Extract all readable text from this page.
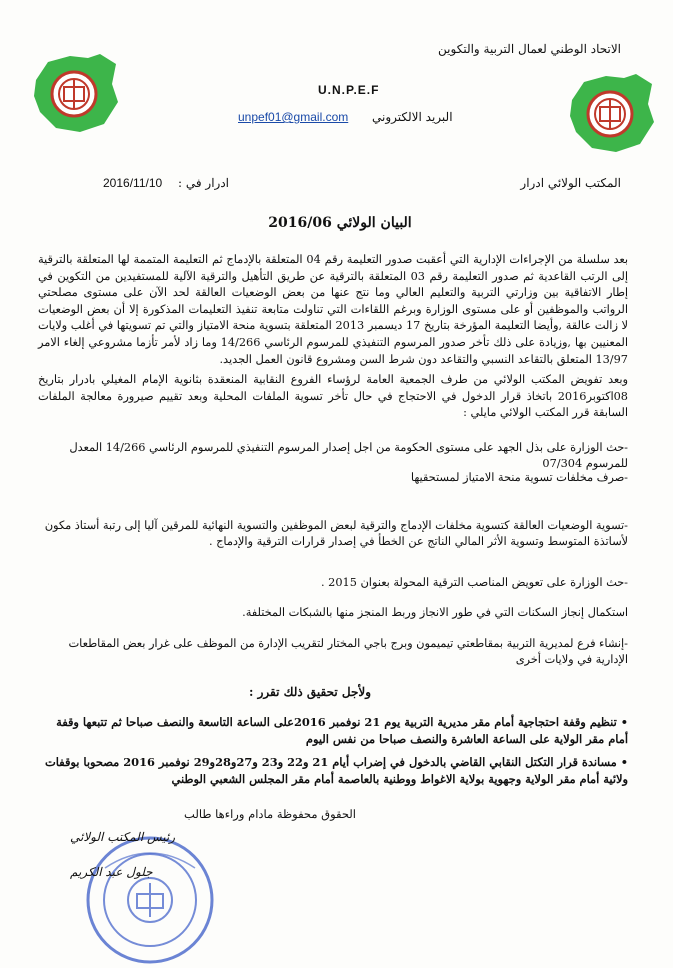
الاتحاد الوطني لعمال التربية والتكوين
U.N.P.E.F
البريد الالكتروني
unpef01@gmail.com
ادرار في :
2016/11/10	المكتب الولائي ادرار
البيان الولائي 2016/06

بعد سلسلة من الإجراءات الإدارية التي أعقبت صدور التعليمة رقم 04 المتعلقة بالإدماج ثم التعليمة المتممة لها المتعلقة بالترقية إلى الرتب القاعدية ثم صدور التعليمة رقم 03 المتعلقة بالترقية عن طريق التأهيل والترقية الآلية للمستفيدين من التكوين في إطار الاتفاقية بين وزارتي التربية والتعليم العالي وما نتج عنها من بعض الوضعيات العالقة لحد الآن على مستوى مصلحتي الرواتب والموظفين أو على مستوى الوزارة وبرغم اللقاءات التي تناولت متابعة تنفيذ التعليمات المذكورة إلا أن بعض الوضعيات لا زالت عالقة ,وأيضا التعليمة المؤرخة بتاريخ 17 ديسمبر 2013 المتعلقة بتسوية منحة الامتياز والتي تم تسويتها في أغلب ولايات المعنيين بها ,وزيادة على ذلك تأخر صدور المرسوم التنفيذي للمرسوم الرئاسي 14/266 وما زاد لأمر تأزما مشروعي إلغاء الامر 13/97 المتعلق بالتقاعد النسبي والتقاعد دون شرط السن ومشروع قانون العمل الجديد.

وبعد تفويض المكتب الولائي من طرف الجمعية العامة لرؤساء الفروع النقابية المنعقدة بثانوية الإمام المغيلي بادرار بتاريخ 08اكتوبر2016 باتخاذ قرار الدخول في الاحتجاج في حال تأخر تسوية الملفات المحلية وبعد تقييم صيرورة معالجة الملفات السابقة قرر المكتب الولائي مايلي :

-حث الوزارة على بذل الجهد على مستوى الحكومة من اجل إصدار المرسوم التنفيذي للمرسوم الرئاسي 14/266 المعدل للمرسوم 07/304
-صرف مخلفات تسوية منحة الامتياز لمستحقيها
-تسوية الوضعيات العالقة كتسوية مخلفات الإدماج والترقية لبعض الموظفين والتسوية النهائية للمرقين آليا إلى رتبة أستاذ مكون لأساتذة المتوسط وتسوية الأثر المالي الناتج عن الخطأ في إصدار قرارات الترقية والإدماج .
-حث الوزارة على تعويض المناصب الترقية المحولة بعنوان 2015 .
استكمال إنجاز السكنات التي في طور الانجاز وربط المنجز منها بالشبكات المختلفة.
-إنشاء فرع لمديرية التربية بمقاطعتي تيميمون وبرج باجي المختار لتقريب الإدارة من الموظف على غرار بعض المقاطعات الإدارية في ولايات أخرى
ولأجل تحقيق ذلك تقرر :
• تنظيم وقفة احتجاجية أمام مقر مديرية التربية يوم 21 نوفمبر 2016على الساعة التاسعة والنصف صباحا ثم تتبعها وقفة أمام مقر الولاية على الساعة العاشرة والنصف صباحا من نفس اليوم
• مساندة قرار التكتل النقابي القاضي بالدخول في إضراب أيام 21 و22 و23 و27و28و29 نوفمبر 2016 مصحوبا بوقفات ولائية أمام مقر الولاية وجهوية بولاية الاغواط ووطنية بالعاصمة أمام مقر المجلس الشعبي الوطني
الحقوق محفوظة مادام وراءها طالب
رئيس المكتب الولائي
جلول عبد الكريم
